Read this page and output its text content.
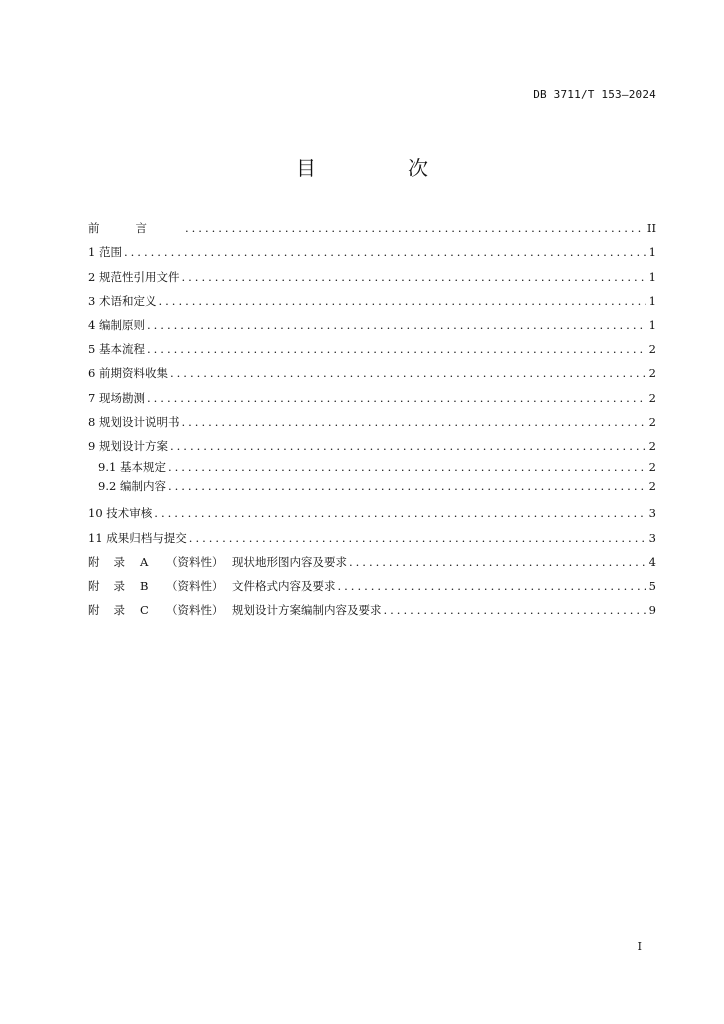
DB 3711/T 153—2024
目　次
前言 .....	II
1 范围 .....	1
2 规范性引用文件 .....	1
3 术语和定义 .....	1
4 编制原则 .....	1
5 基本流程 .....	2
6 前期资料收集 .....	2
7 现场勘测 .....	2
8 规划设计说明书 .....	2
9 规划设计方案 .....	2
9.1 基本规定 .....	2
9.2 编制内容 .....	2
10 技术审核 .....	3
11 成果归档与提交 .....	3
附录 A	（资料性） 现状地形图内容及要求 .....	4
附录 B	（资料性） 文件格式内容及要求 .....	5
附录 C	（资料性） 规划设计方案编制内容及要求 .....	9
I
